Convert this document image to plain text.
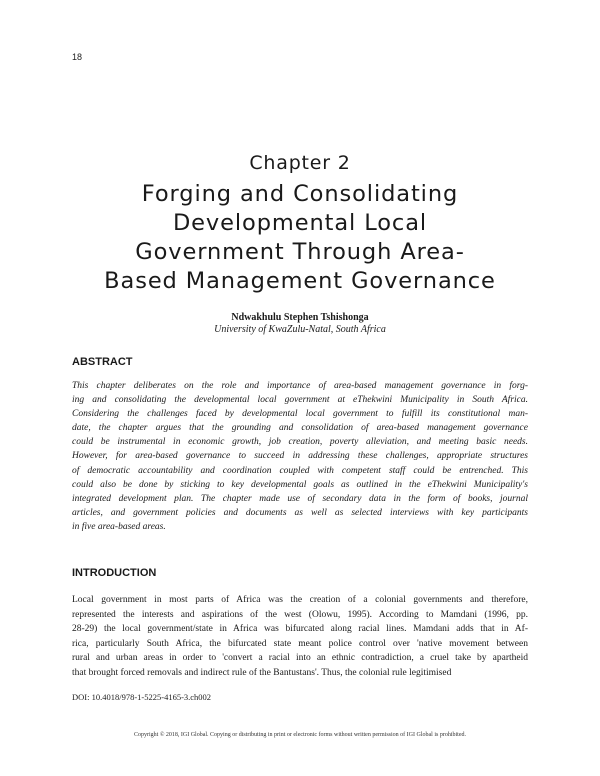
18
Chapter 2
Forging and Consolidating
Developmental Local
Government Through Area-
Based Management Governance
Ndwakhulu Stephen Tshishonga
University of KwaZulu-Natal, South Africa
ABSTRACT
This chapter deliberates on the role and importance of area-based management governance in forg-
ing and consolidating the developmental local government at eThekwini Municipality in South Africa.
Considering the challenges faced by developmental local government to fulfill its constitutional man-
date, the chapter argues that the grounding and consolidation of area-based management governance
could be instrumental in economic growth, job creation, poverty alleviation, and meeting basic needs.
However, for area-based governance to succeed in addressing these challenges, appropriate structures
of democratic accountability and coordination coupled with competent staff could be entrenched. This
could also be done by sticking to key developmental goals as outlined in the eThekwini Municipality's
integrated development plan. The chapter made use of secondary data in the form of books, journal
articles, and government policies and documents as well as selected interviews with key participants
in five area-based areas.
INTRODUCTION
Local government in most parts of Africa was the creation of a colonial governments and therefore,
represented the interests and aspirations of the west (Olowu, 1995). According to Mamdani (1996, pp.
28-29) the local government/state in Africa was bifurcated along racial lines. Mamdani adds that in Af-
rica, particularly South Africa, the bifurcated state meant police control over 'native movement between
rural and urban areas in order to 'convert a racial into an ethnic contradiction, a cruel take by apartheid
that brought forced removals and indirect rule of the Bantustans'. Thus, the colonial rule legitimised
DOI: 10.4018/978-1-5225-4165-3.ch002
Copyright © 2018, IGI Global. Copying or distributing in print or electronic forms without written permission of IGI Global is prohibited.
